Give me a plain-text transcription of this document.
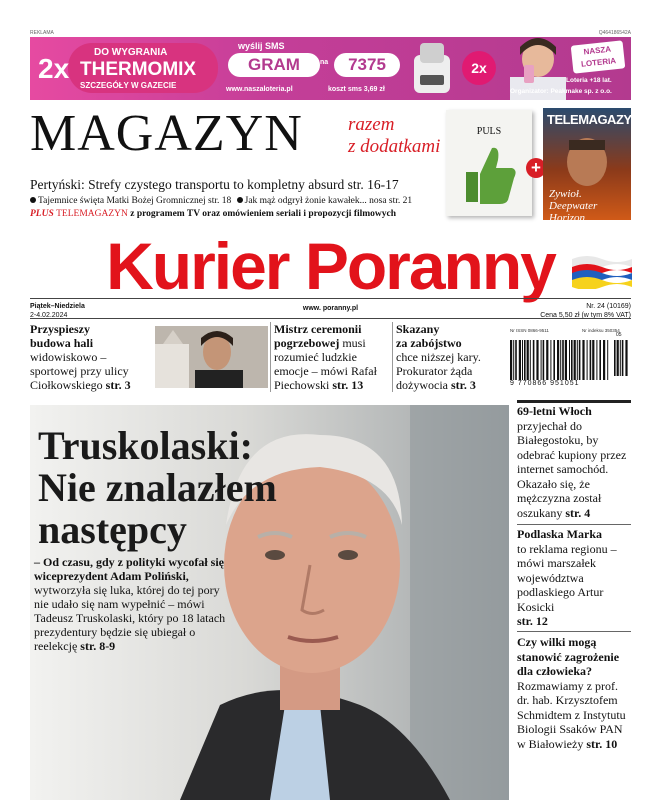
REKLAMA	Q464186542A
2x
DO WYGRANIA
THERMOMIX
SZCZEGÓŁY W GAZECIE
wyślij SMS
GRAM	na	7375
www.naszaloteria.pl	koszt sms 3,69 zł
2x
NASZA LOTERIA
Loteria +18 lat.
Organizator: Peakmake sp. z o.o.
MAGAZYN razem
z dodatkami
Pertyński: Strefy czystego transportu to kompletny absurd str. 16-17
Tajemnice święta Matki Bożej Gromnicznej str. 18 Jak mąż odgrył żonie kawałek... nosa str. 21
PLUS TELEMAGAZYN z programem TV oraz omówieniem seriali i propozycji filmowych
PULS
+
TELEMAGAZYN
Zywioł.
Deepwater Horizon
Kurier Poranny
Piątek–Niedziela
2-4.02.2024
www. poranny.pl	Nr. 24 (10169)
Cena 5,50 zł (w tym 8% VAT)
Przyspieszy
budowa hali
widowiskowo –
sportowej przy ulicy
Ciołkowskiego str. 3
Mistrz ceremonii
pogrzebowej musi
rozumieć ludzkie
emocje – mówi Rafał
Piechowski str. 13
Skazany
za zabójstwo
chce niższej kary.
Prokurator żąda
dożywocia str. 3
Nr ISSN 0866-9511	Nr indeksu 350354
9 770866 951051
05
Truskolaski:
Nie znalazłem
następcy
– Od czasu, gdy z polityki wycofał się wiceprezydent Adam Poliński, wytworzyła się luka, której do tej pory nie udało się nam wypełnić – mówi Tadeusz Truskolaski, który po 18 latach prezydentury będzie się ubiegał o reelekcję str. 8-9
69-letni Włoch
przyjechał do Białegostoku, by odebrać kupiony przez internet samochód. Okazało się, że mężczyzna został oszukany str. 4
Podlaska Marka
to reklama regionu – mówi marszałek województwa podlaskiego Artur Kosicki
str. 12
Czy wilki mogą stanowić zagrożenie dla człowieka?
Rozmawiamy z prof. dr. hab. Krzysztofem Schmidtem z Instytutu Biologii Ssaków PAN w Białowieży str. 10
